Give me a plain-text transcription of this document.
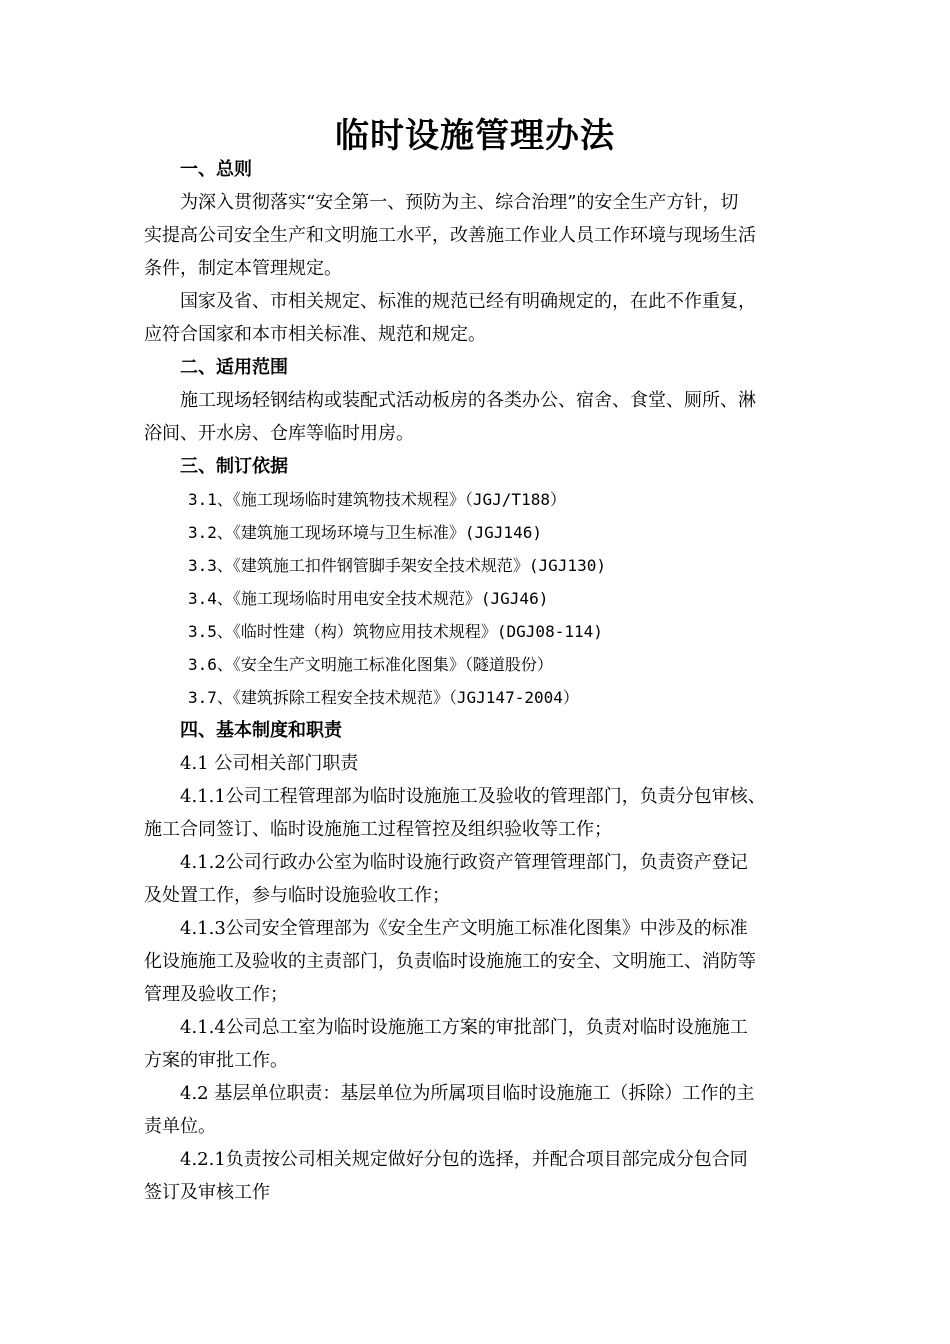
临时设施管理办法
一、总则
为深入贯彻落实“安全第一、预防为主、综合治理”的安全生产方针，切
实提高公司安全生产和文明施工水平，改善施工作业人员工作环境与现场生活
条件，制定本管理规定。
国家及省、市相关规定、标准的规范已经有明确规定的，在此不作重复，
应符合国家和本市相关标准、规范和规定。
二、适用范围
施工现场轻钢结构或装配式活动板房的各类办公、宿舍、食堂、厕所、淋
浴间、开水房、仓库等临时用房。
三、制订依据
3.1、《施工现场临时建筑物技术规程》（JGJ/T188）
3.2、《建筑施工现场环境与卫生标准》(JGJ146)
3.3、《建筑施工扣件钢管脚手架安全技术规范》(JGJ130)
3.4、《施工现场临时用电安全技术规范》(JGJ46)
3.5、《临时性建（构）筑物应用技术规程》(DGJ08-114)
3.6、《安全生产文明施工标准化图集》（隧道股份）
3.7、《建筑拆除工程安全技术规范》（JGJ147-2004）
四、基本制度和职责
4.1 公司相关部门职责
4.1.1公司工程管理部为临时设施施工及验收的管理部门，负责分包审核、
施工合同签订、临时设施施工过程管控及组织验收等工作；
4.1.2公司行政办公室为临时设施行政资产管理管理部门，负责资产登记
及处置工作，参与临时设施验收工作；
4.1.3公司安全管理部为《安全生产文明施工标准化图集》中涉及的标准
化设施施工及验收的主责部门，负责临时设施施工的安全、文明施工、消防等
管理及验收工作；
4.1.4公司总工室为临时设施施工方案的审批部门，负责对临时设施施工
方案的审批工作。
4.2 基层单位职责：基层单位为所属项目临时设施施工（拆除）工作的主
责单位。
4.2.1负责按公司相关规定做好分包的选择，并配合项目部完成分包合同
签订及审核工作
